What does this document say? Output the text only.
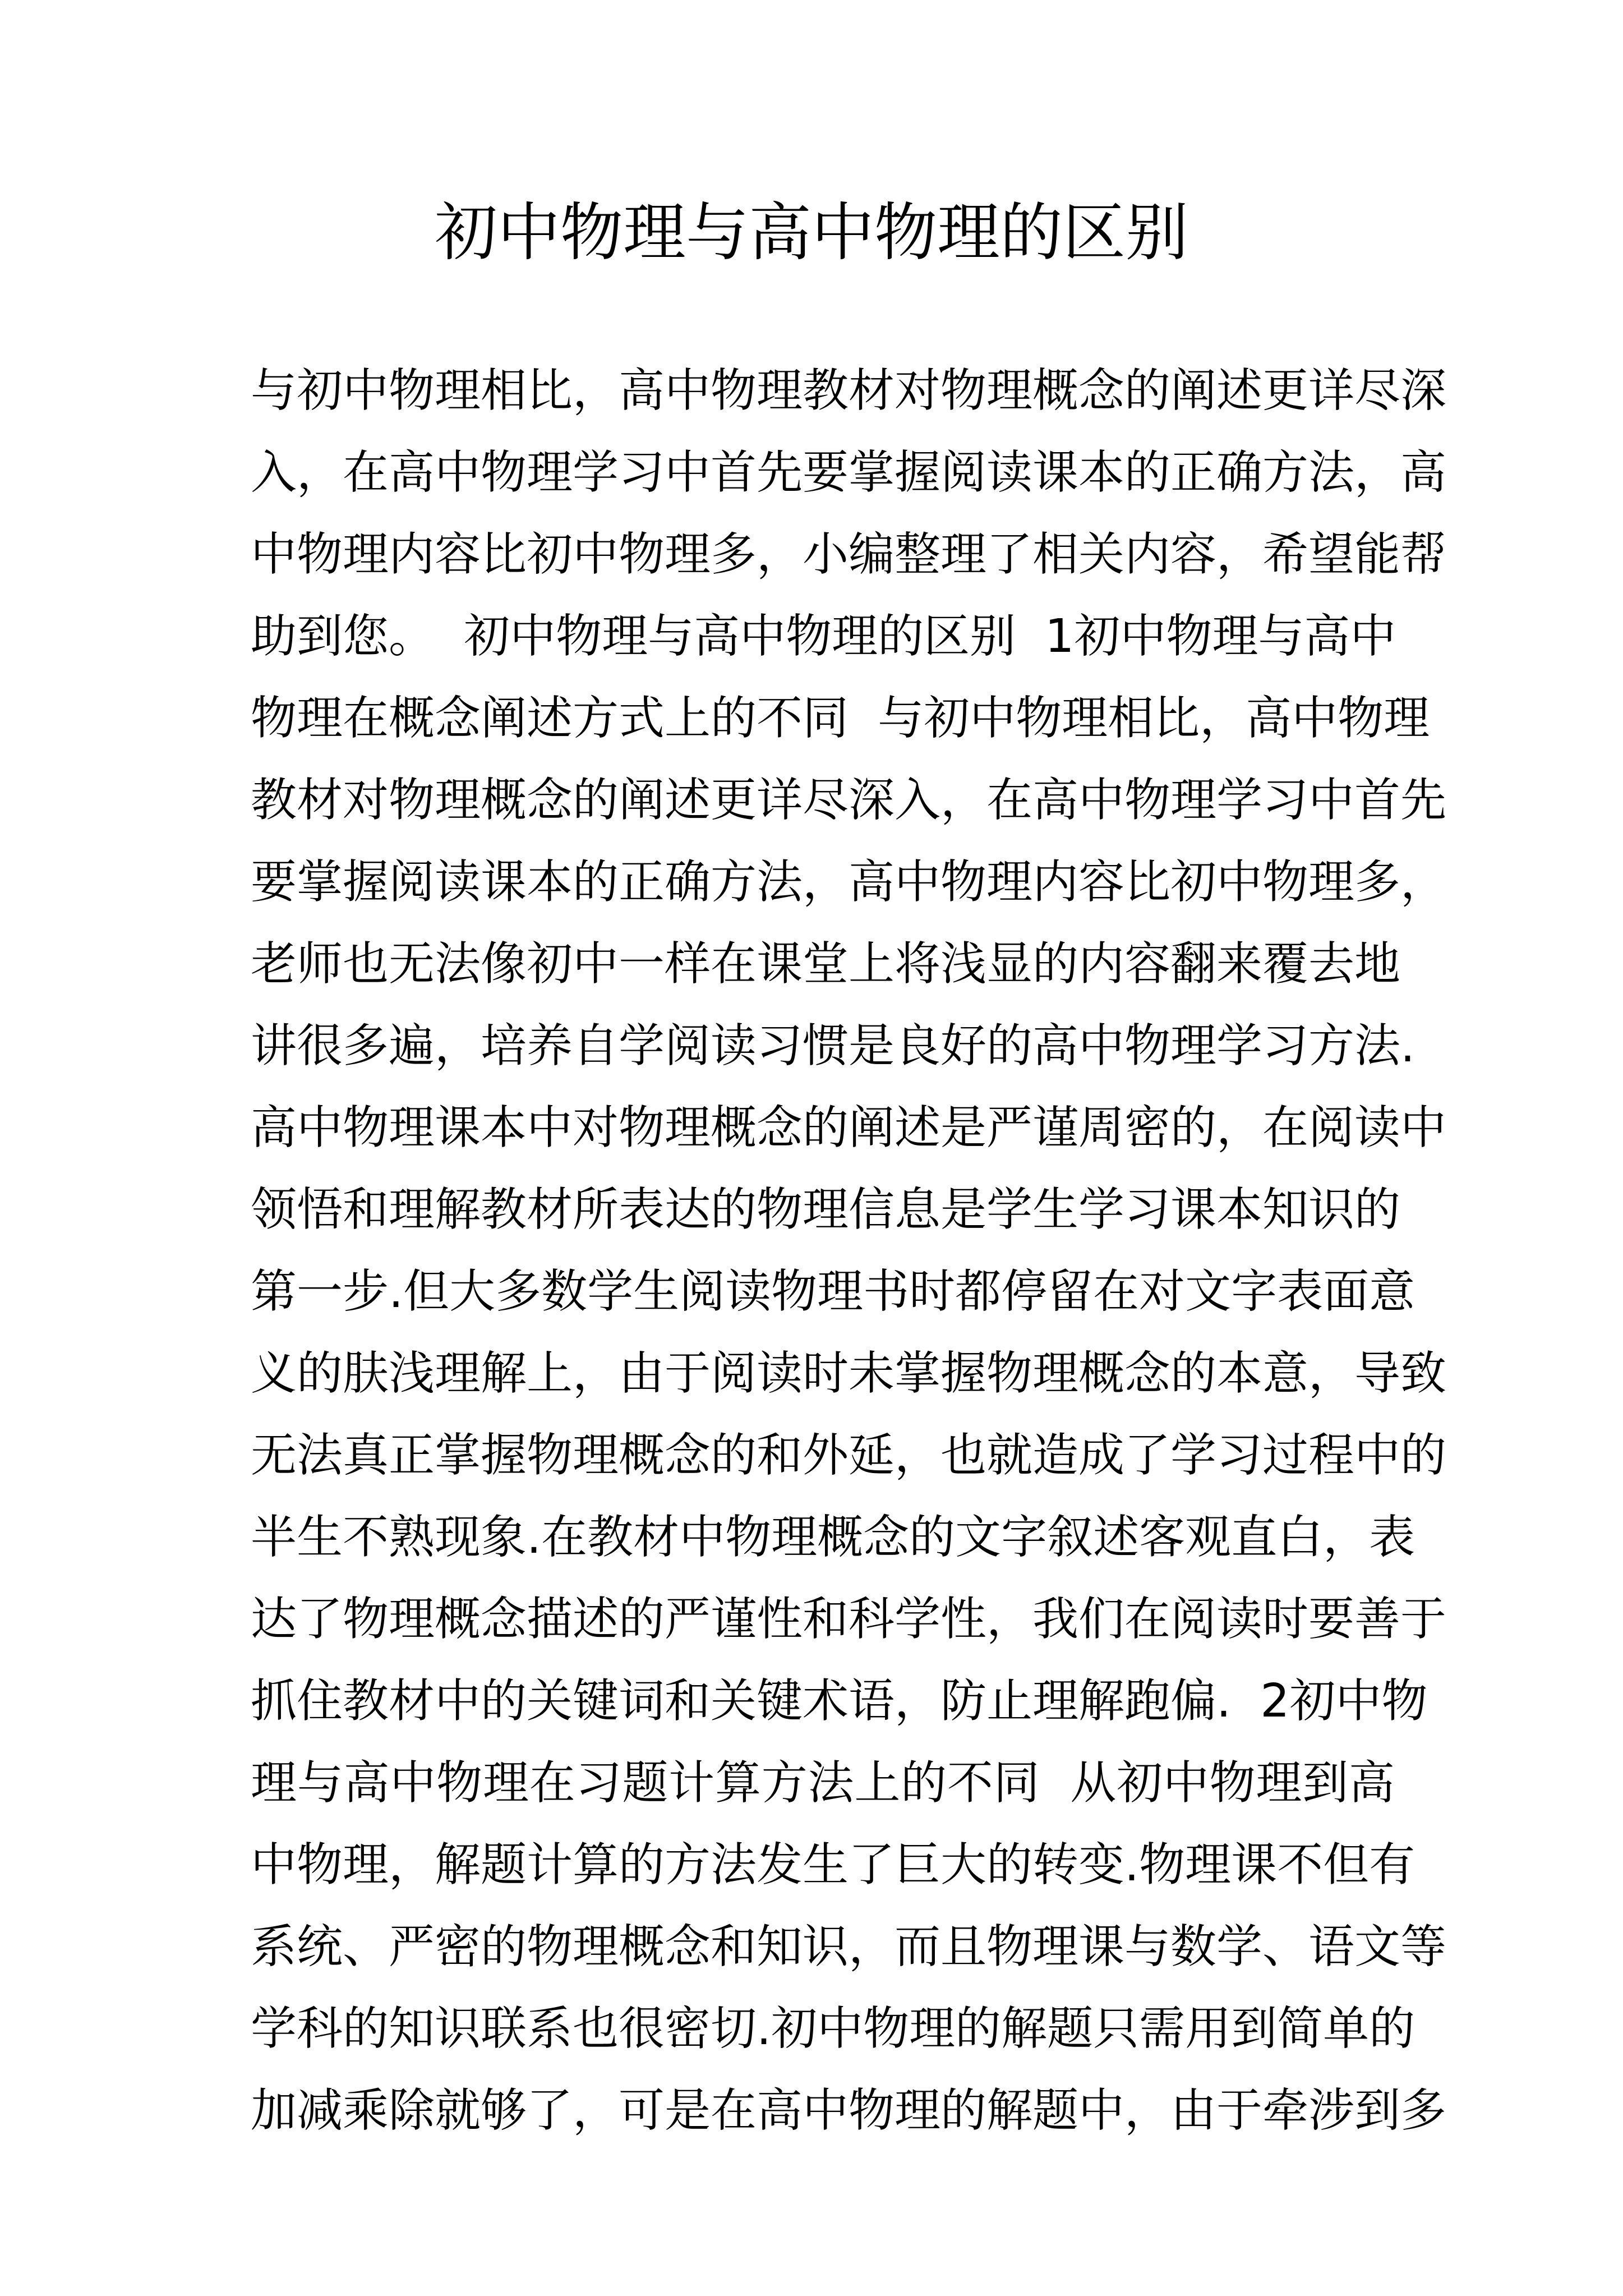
初中物理与高中物理的区别
与初中物理相比，高中物理教材对物理概念的阐述更详尽深
入，在高中物理学习中首先要掌握阅读课本的正确方法，高
中物理内容比初中物理多，小编整理了相关内容，希望能帮
助到您。  初中物理与高中物理的区别  1初中物理与高中
物理在概念阐述方式上的不同  与初中物理相比，高中物理
教材对物理概念的阐述更详尽深入，在高中物理学习中首先
要掌握阅读课本的正确方法，高中物理内容比初中物理多，
老师也无法像初中一样在课堂上将浅显的内容翻来覆去地
讲很多遍，培养自学阅读习惯是良好的高中物理学习方法.
高中物理课本中对物理概念的阐述是严谨周密的，在阅读中
领悟和理解教材所表达的物理信息是学生学习课本知识的
第一步.但大多数学生阅读物理书时都停留在对文字表面意
义的肤浅理解上，由于阅读时未掌握物理概念的本意，导致
无法真正掌握物理概念的和外延，也就造成了学习过程中的
半生不熟现象.在教材中物理概念的文字叙述客观直白，表
达了物理概念描述的严谨性和科学性，我们在阅读时要善于
抓住教材中的关键词和关键术语，防止理解跑偏.  2初中物
理与高中物理在习题计算方法上的不同  从初中物理到高
中物理，解题计算的方法发生了巨大的转变.物理课不但有
系统、严密的物理概念和知识，而且物理课与数学、语文等
学科的知识联系也很密切.初中物理的解题只需用到简单的
加减乘除就够了，可是在高中物理的解题中，由于牵涉到多
